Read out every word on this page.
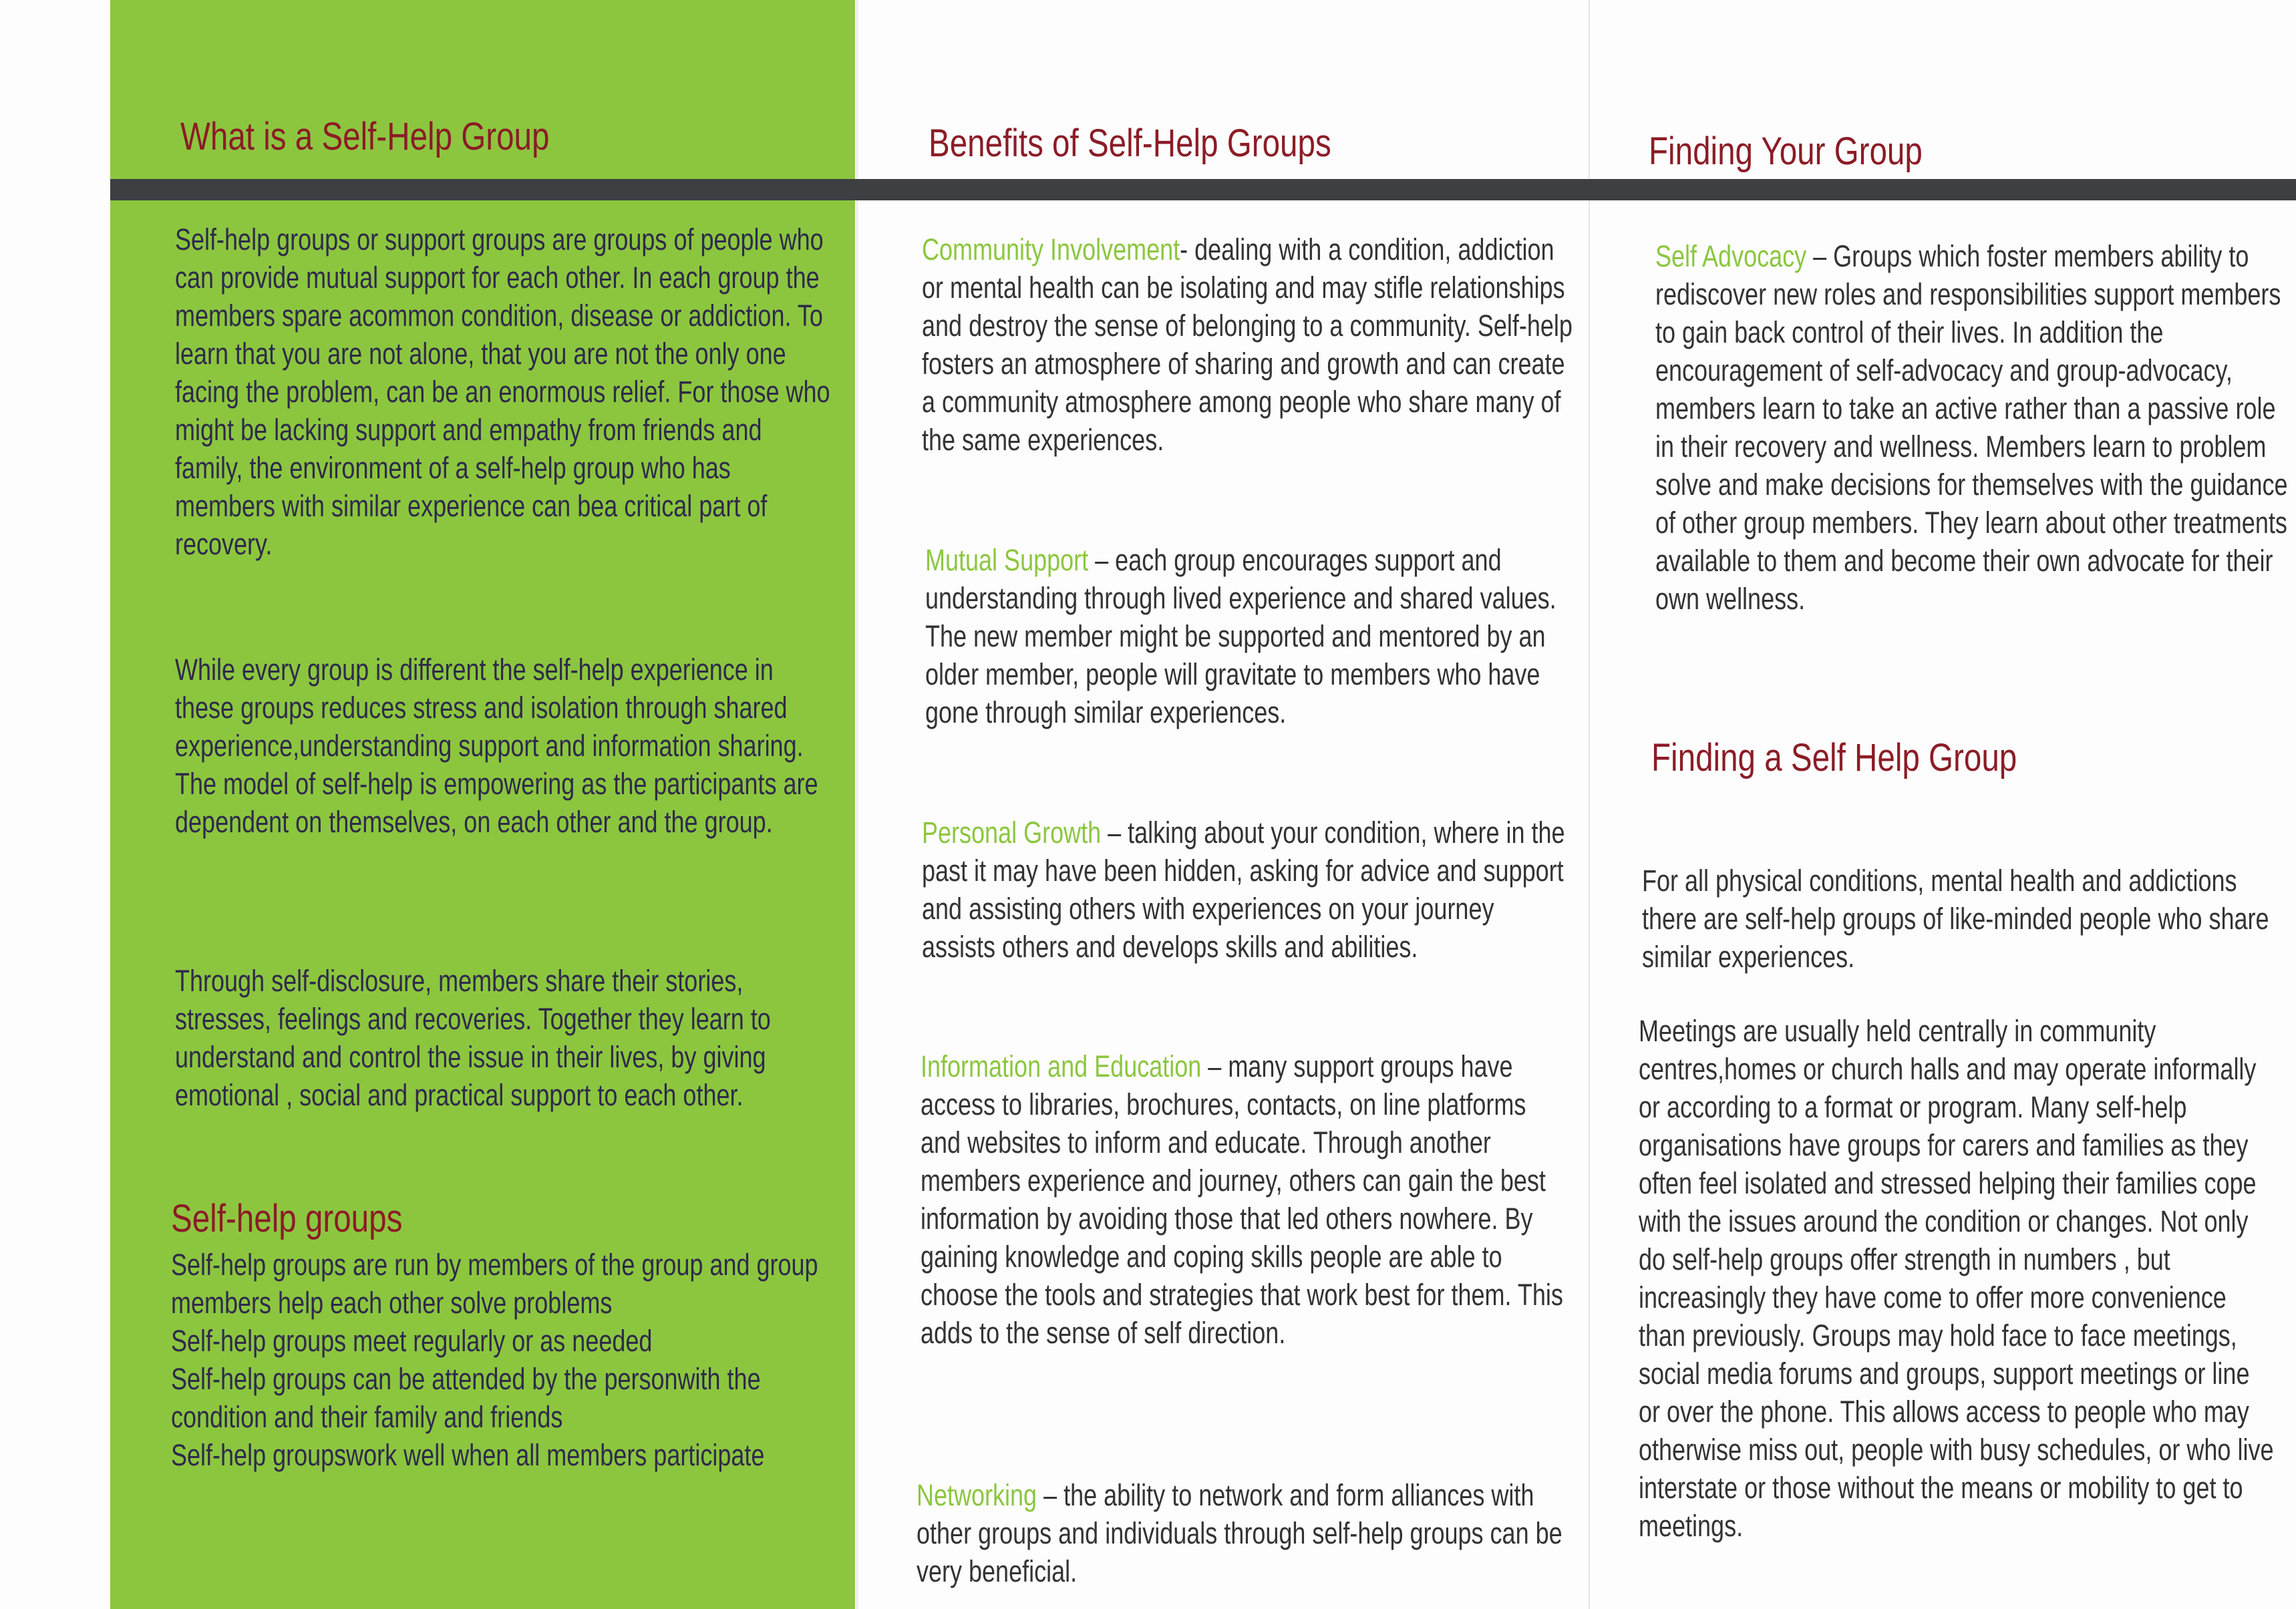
What is a Self-Help Group

Self-help groups or support groups are groups of people who can provide mutual support for each other. In each group the members spare acommon condition, disease or addiction. To learn that you are not alone, that you are not the only one facing the problem, can be an enormous relief. For those who might be lacking support and empathy from friends and family, the environment of a self-help group who has members with similar experience can bea critical part of recovery.

While every group is different the self-help experience in these groups reduces stress and isolation through shared experience,understanding support and information sharing. The model of self-help is empowering as the participants are dependent on themselves, on each other and the group.

Through self-disclosure, members share their stories, stresses, feelings and recoveries. Together they learn to understand and control the issue in their lives, by giving emotional , social and practical support to each other.

Self-help groups

Self-help groups are run by members of the group and group members help each other solve problems

Self-help groups meet regularly or as needed

Self-help groups can be attended by the personwith the condition and their family and friends

Self-help groupswork well when all members participate

Benefits of Self-Help Groups

Community Involvement- dealing with a condition, addiction or mental health can be isolating and may stifle relationships and destroy the sense of belonging to a community. Self-help fosters an atmosphere of sharing and growth and can create a community atmosphere among people who share many of the same experiences.

Mutual Support – each group encourages support and understanding through lived experience and shared values. The new member might be supported and mentored by an older member, people will gravitate to members who have gone through similar experiences.

Personal Growth – talking about your condition, where in the past it may have been hidden, asking for advice and support and assisting others with experiences on your journey assists others and develops skills and abilities.

Information and Education – many support groups have access to libraries, brochures, contacts, on line platforms and websites to inform and educate. Through another members experience and journey, others can gain the best information by avoiding those that led others nowhere. By gaining knowledge and coping skills people are able to choose the tools and strategies that work best for them. This adds to the sense of self direction.

Networking – the ability to network and form alliances with other groups and individuals through self-help groups can be very beneficial.

Finding Your Group

Self Advocacy – Groups which foster members ability to rediscover new roles and responsibilities support members to gain back control of their lives. In addition the encouragement of self-advocacy and group-advocacy, members learn to take an active rather than a passive role in their recovery and wellness. Members learn to problem solve and make decisions for themselves with the guidance of other group members. They learn about other treatments available to them and become their own advocate for their own wellness.

Finding a Self Help Group

For all physical conditions, mental health and addictions there are self-help groups of like-minded people who share similar experiences.

Meetings are usually held centrally in community centres,homes or church halls and may operate informally or according to a format or program. Many self-help organisations have groups for carers and families as they often feel isolated and stressed helping their families cope with the issues around the condition or changes. Not only do self-help groups offer strength in numbers , but increasingly they have come to offer more convenience than previously. Groups may hold face to face meetings, social media forums and groups, support meetings or line or over the phone. This allows access to people who may otherwise miss out, people with busy schedules, or who live interstate or those without the means or mobility to get to meetings.
